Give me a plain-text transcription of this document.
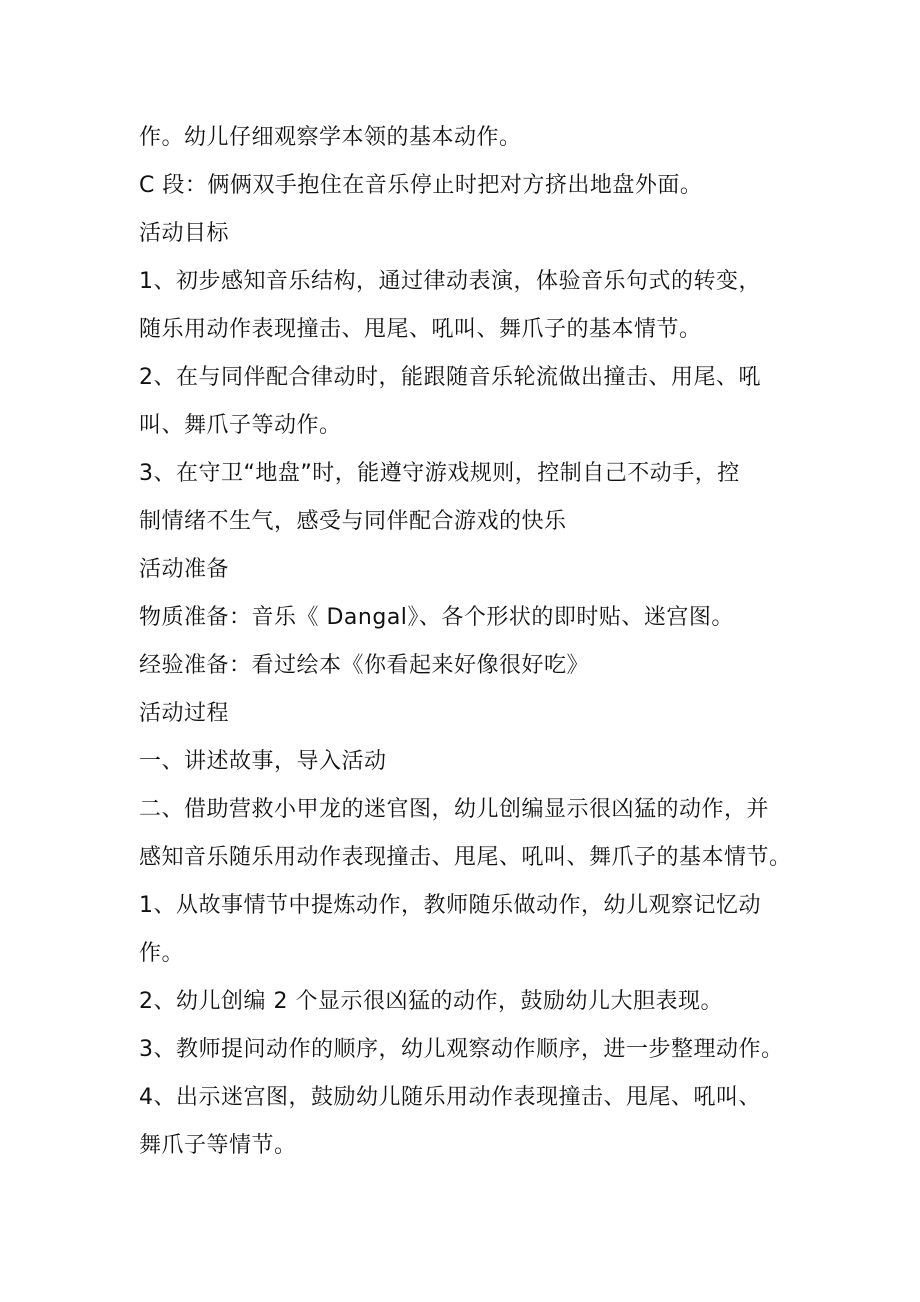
作。幼儿仔细观察学本领的基本动作。
C 段：俩俩双手抱住在音乐停止时把对方挤出地盘外面。
活动目标
1、初步感知音乐结构，通过律动表演，体验音乐句式的转变，
随乐用动作表现撞击、甩尾、吼叫、舞爪子的基本情节。
2、在与同伴配合律动时，能跟随音乐轮流做出撞击、用尾、吼
叫、舞爪子等动作。
3、在守卫“地盘”时，能遵守游戏规则，控制自己不动手，控
制情绪不生气，感受与同伴配合游戏的快乐
活动准备
物质准备：音乐《 Dangal》、各个形状的即时贴、迷宫图。
经验准备：看过绘本《你看起来好像很好吃》
活动过程
一、讲述故事，导入活动
二、借助营救小甲龙的迷官图，幼儿创编显示很凶猛的动作，并
感知音乐随乐用动作表现撞击、甩尾、吼叫、舞爪子的基本情节。
1、从故事情节中提炼动作，教师随乐做动作，幼儿观察记忆动
作。
2、幼儿创编 2 个显示很凶猛的动作，鼓励幼儿大胆表现。
3、教师提问动作的顺序，幼儿观察动作顺序，进一步整理动作。
4、出示迷宫图，鼓励幼儿随乐用动作表现撞击、甩尾、吼叫、
舞爪子等情节。
